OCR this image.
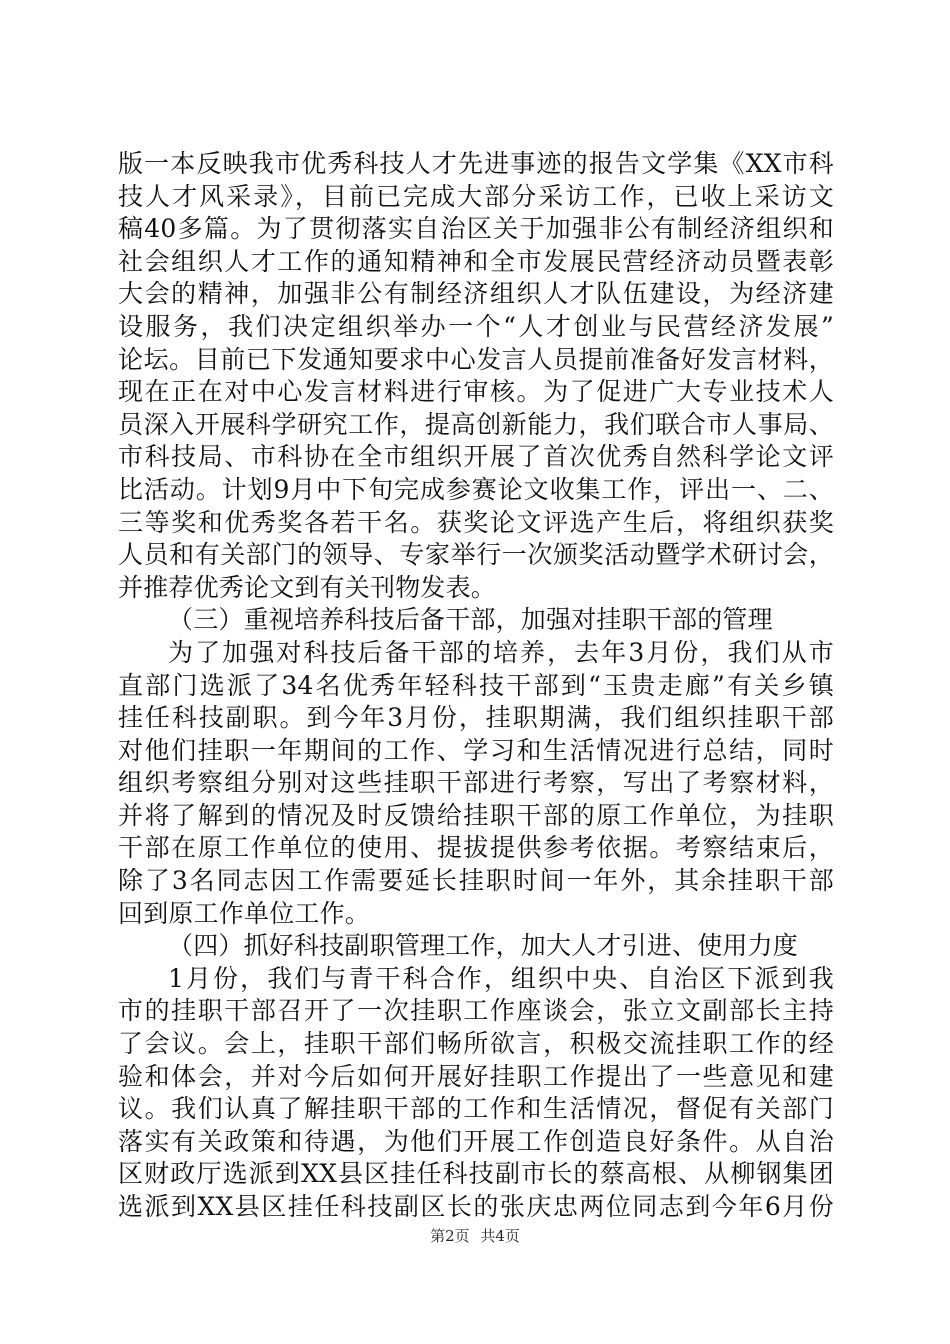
版一本反映我市优秀科技人才先进事迹的报告文学集《XX市科
技人才风采录》，目前已完成大部分采访工作，已收上采访文
稿40多篇。为了贯彻落实自治区关于加强非公有制经济组织和
社会组织人才工作的通知精神和全市发展民营经济动员暨表彰
大会的精神，加强非公有制经济组织人才队伍建设，为经济建
设服务，我们决定组织举办一个“人才创业与民营经济发展”
论坛。目前已下发通知要求中心发言人员提前准备好发言材料，
现在正在对中心发言材料进行审核。为了促进广大专业技术人
员深入开展科学研究工作，提高创新能力，我们联合市人事局、
市科技局、市科协在全市组织开展了首次优秀自然科学论文评
比活动。计划9月中下旬完成参赛论文收集工作，评出一、二、
三等奖和优秀奖各若干名。获奖论文评选产生后，将组织获奖
人员和有关部门的领导、专家举行一次颁奖活动暨学术研讨会，
并推荐优秀论文到有关刊物发表。
（三）重视培养科技后备干部，加强对挂职干部的管理
为了加强对科技后备干部的培养，去年3月份，我们从市
直部门选派了34名优秀年轻科技干部到“玉贵走廊”有关乡镇
挂任科技副职。到今年3月份，挂职期满，我们组织挂职干部
对他们挂职一年期间的工作、学习和生活情况进行总结，同时
组织考察组分别对这些挂职干部进行考察，写出了考察材料，
并将了解到的情况及时反馈给挂职干部的原工作单位，为挂职
干部在原工作单位的使用、提拔提供参考依据。考察结束后，
除了3名同志因工作需要延长挂职时间一年外，其余挂职干部
回到原工作单位工作。
（四）抓好科技副职管理工作，加大人才引进、使用力度
1月份，我们与青干科合作，组织中央、自治区下派到我
市的挂职干部召开了一次挂职工作座谈会，张立文副部长主持
了会议。会上，挂职干部们畅所欲言，积极交流挂职工作的经
验和体会，并对今后如何开展好挂职工作提出了一些意见和建
议。我们认真了解挂职干部的工作和生活情况，督促有关部门
落实有关政策和待遇，为他们开展工作创造良好条件。从自治
区财政厅选派到XX县区挂任科技副市长的蔡高根、从柳钢集团
选派到XX县区挂任科技副区长的张庆忠两位同志到今年6月份
第2页 共4页
